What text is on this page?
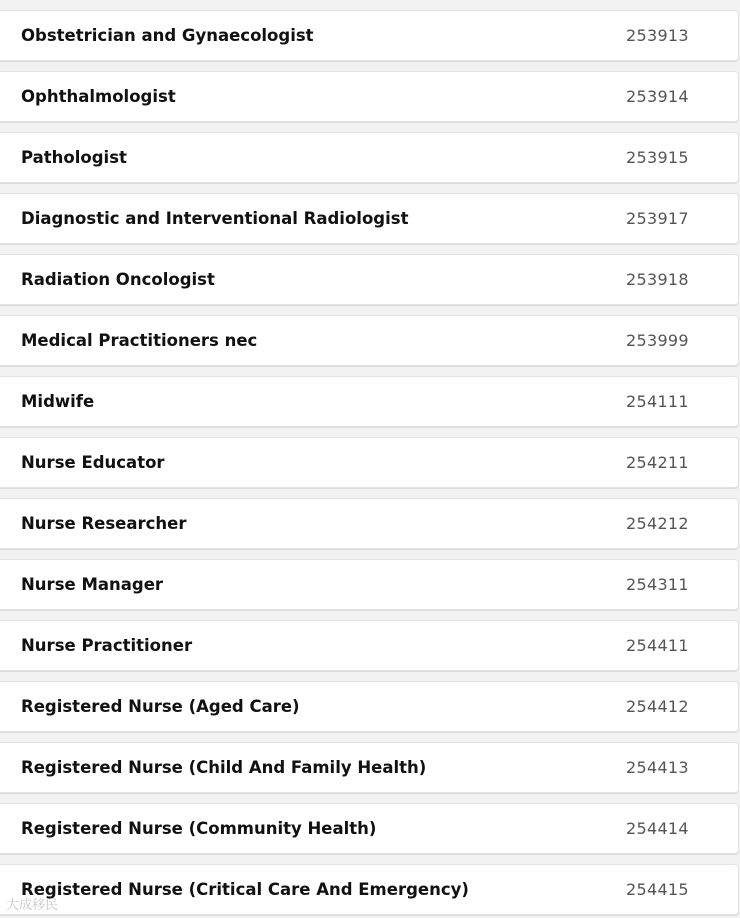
Obstetrician and Gynaecologist	253913
Ophthalmologist	253914
Pathologist	253915
Diagnostic and Interventional Radiologist	253917
Radiation Oncologist	253918
Medical Practitioners nec	253999
Midwife	254111
Nurse Educator	254211
Nurse Researcher	254212
Nurse Manager	254311
Nurse Practitioner	254411
Registered Nurse (Aged Care)	254412
Registered Nurse (Child And Family Health)	254413
Registered Nurse (Community Health)	254414
Registered Nurse (Critical Care And Emergency)	254415
大成移民
